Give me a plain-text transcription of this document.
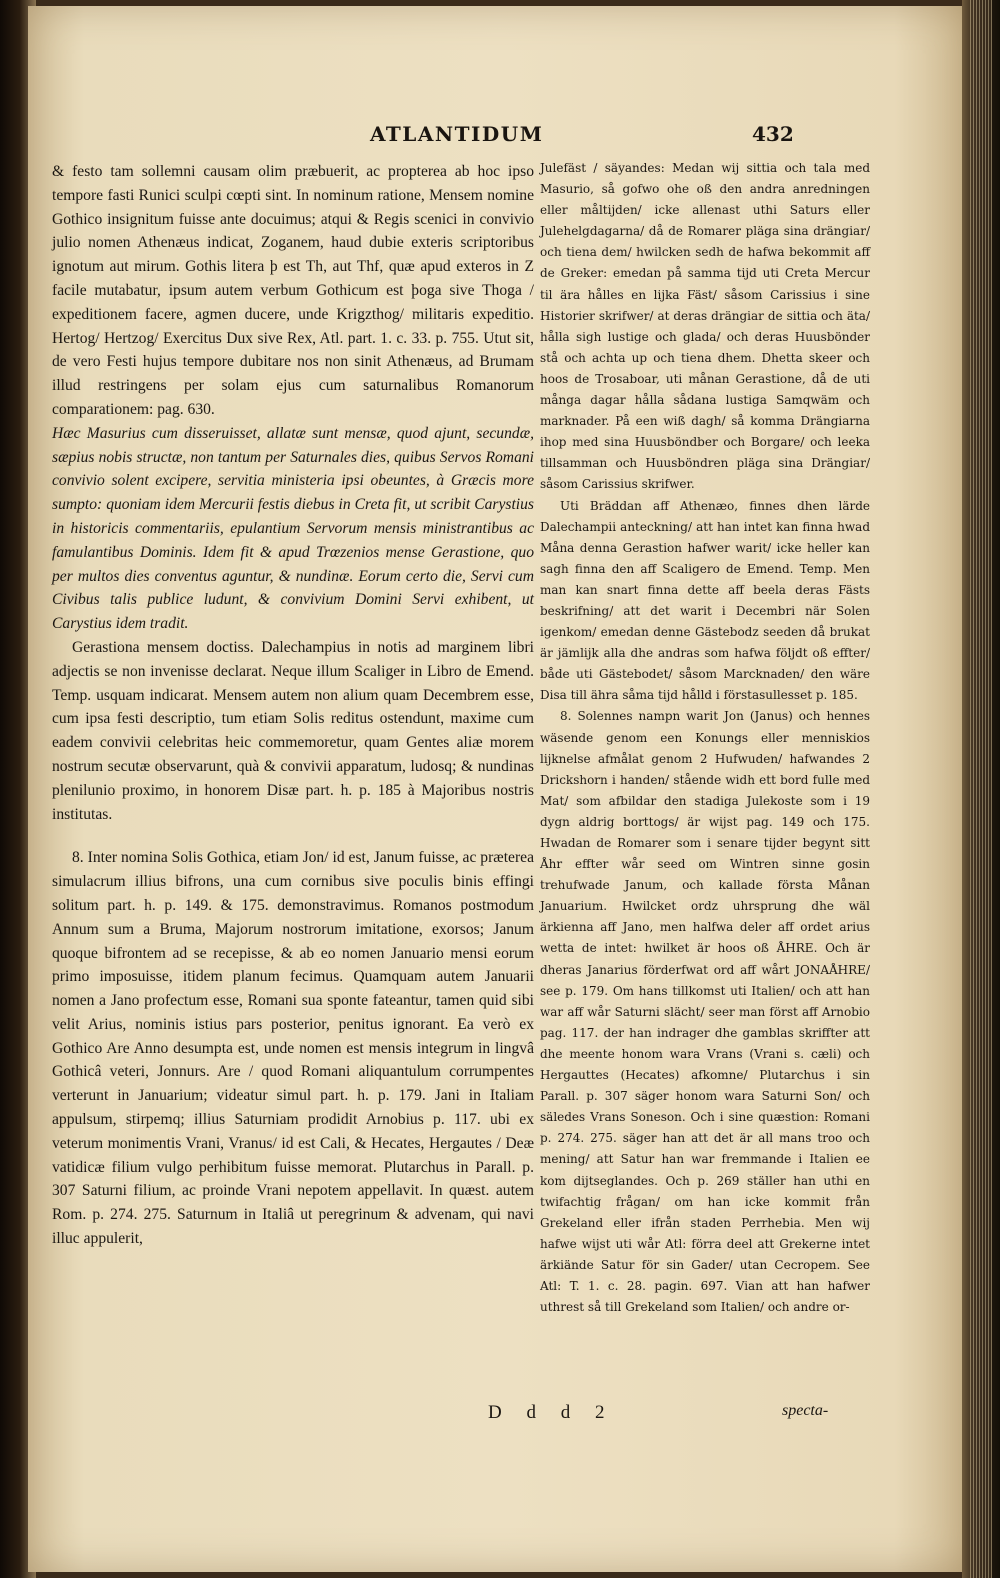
ATLANTIDUM	432

& festo tam sollemni causam olim præbuerit, ac propterea ab hoc ipso tempore fasti Runici sculpi cœpti sint. In nominum ratione, Mensem nomine Gothico insignitum fuisse ante docuimus; atqui & Regis scenici in convivio julio nomen Athenæus indicat, Zoganem, haud dubie exteris scriptoribus ignotum aut mirum. Gothis litera þ est Th, aut Thf, quæ apud exteros in Z facile mutabatur, ipsum autem verbum Gothicum est þoga sive Thoga / expeditionem facere, agmen ducere, unde Krigzthog/ militaris expeditio. Hertog/ Hertzog/ Exercitus Dux sive Rex, Atl. part. 1. c. 33. p. 755. Utut sit, de vero Festi hujus tempore dubitare nos non sinit Athenæus, ad Brumam illud restringens per solam ejus cum saturnalibus Romanorum comparationem: pag. 630.

Hæc Masurius cum disseruisset, allatæ sunt mensæ, quod ajunt, secundæ, sæpius nobis structæ, non tantum per Saturnales dies, quibus Servos Romani convivio solent excipere, servitia ministeria ipsi obeuntes, à Græcis more sumpto: quoniam idem Mercurii festis diebus in Creta fit, ut scribit Carystius in historicis commentariis, epulantium Servorum mensis ministrantibus ac famulantibus Dominis. Idem fit & apud Trœzenios mense Gerastione, quo per multos dies conventus aguntur, & nundinæ. Eorum certo die, Servi cum Civibus talis publice ludunt, & convivium Domini Servi exhibent, ut Carystius idem tradit.

Gerastiona mensem doctiss. Dalechampius in notis ad marginem libri adjectis se non invenisse declarat. Neque illum Scaliger in Libro de Emend. Temp. usquam indicarat. Mensem autem non alium quam Decembrem esse, cum ipsa festi descriptio, tum etiam Solis reditus ostendunt, maxime cum eadem convivii celebritas heic commemoretur, quam Gentes aliæ morem nostrum secutæ observarunt, quà & convivii apparatum, ludosq; & nundinas plenilunio proximo, in honorem Disæ part. h. p. 185 à Majoribus nostris institutas.

8. Inter nomina Solis Gothica, etiam Jon/ id est, Janum fuisse, ac præterea simulacrum illius bifrons, una cum cornibus sive poculis binis effingi solitum part. h. p. 149. & 175. demonstravimus. Romanos postmodum Annum sum a Bruma, Majorum nostrorum imitatione, exorsos; Janum quoque bifrontem ad se recepisse, & ab eo nomen Januario mensi eorum primo imposuisse, itidem planum fecimus. Quamquam autem Januarii nomen a Jano profectum esse, Romani sua sponte fateantur, tamen quid sibi velit Arius, nominis istius pars posterior, penitus ignorant. Ea verò ex Gothico Are Anno desumpta est, unde nomen est mensis integrum in lingvâ Gothicâ veteri, Jonnurs. Are / quod Romani aliquantulum corrumpentes verterunt in Januarium; videatur simul part. h. p. 179. Jani in Italiam appulsum, stirpemq; illius Saturniam prodidit Arnobius p. 117. ubi ex veterum monimentis Vrani, Vranus/ id est Cali, & Hecates, Hergautes / Deæ vatidicæ filium vulgo perhibitum fuisse memorat. Plutarchus in Parall. p. 307 Saturni filium, ac proinde Vrani nepotem appellavit. In quæst. autem Rom. p. 274. 275. Saturnum in Italiâ ut peregrinum & advenam, qui navi illuc appulerit,

Julefäst / säyandes: Medan wij sittia och tala med Masurio, så gofwo ohe oß den andra anredningen eller måltijden/ icke allenast uthi Saturs eller Julehelgdagarna/ då de Romarer pläga sina drängiar/ och tiena dem/ hwilcken sedh de hafwa bekommit aff de Greker: emedan på samma tijd uti Creta Mercur til ära hålles en lijka Fäst/ såsom Carissius i sine Historier skrifwer/ at deras drängiar de sittia och äta/ hålla sigh lustige och glada/ och deras Huusbönder stå och achta up och tiena dhem. Dhetta skeer och hoos de Trosaboar, uti månan Gerastione, då de uti många dagar hålla sådana lustiga Samqwäm och marknader. På een wiß dagh/ så komma Drängiarna ihop med sina Huusböndber och Borgare/ och leeka tillsamman och Huusböndren pläga sina Drängiar/ såsom Carissius skrifwer.

Uti Bräddan aff Athenæo, finnes dhen lärde Dalechampii anteckning/ att han intet kan finna hwad Måna denna Gerastion hafwer warit/ icke heller kan sagh finna den aff Scaligero de Emend. Temp. Men man kan snart finna dette aff beela deras Fästs beskrifning/ att det warit i Decembri när Solen igenkom/ emedan denne Gästebodz seeden då brukat är jämlijk alla dhe andras som hafwa följdt oß effter/ både uti Gästebodet/ såsom Marcknaden/ den wäre Disa till ähra såma tijd hålld i förstasullesset p. 185.

8. Solennes nampn warit Jon (Janus) och hennes wäsende genom een Konungs eller menniskios lijknelse afmålat genom 2 Hufwuden/ hafwandes 2 Drickshorn i handen/ stående widh ett bord fulle med Mat/ som afbildar den stadiga Julekoste som i 19 dygn aldrig borttogs/ är wijst pag. 149 och 175. Hwadan de Romarer som i senare tijder begynt sitt Åhr effter wår seed om Wintren sinne gosin trehufwade Janum, och kallade första Månan Januarium. Hwilcket ordz uhrsprung dhe wäl ärkienna aff Jano, men halfwa deler aff ordet arius wetta de intet: hwilket är hoos oß ÅHRE. Och är dheras Janarius förderfwat ord aff wårt JONAÅHRE/ see p. 179. Om hans tillkomst uti Italien/ och att han war aff wår Saturni slächt/ seer man först aff Arnobio pag. 117. der han indrager dhe gamblas skriffter att dhe meente honom wara Vrans (Vrani s. cæli) och Hergauttes (Hecates) afkomne/ Plutarchus i sin Parall. p. 307 säger honom wara Saturni Son/ och säledes Vrans Soneson. Och i sine quæstion: Romani p. 274. 275. säger han att det är all mans troo och mening/ att Satur han war fremmande i Italien ee kom dijtseglandes. Och p. 269 ställer han uthi en twifachtig frågan/ om han icke kommit från Grekeland eller ifrån staden Perrhebia. Men wij hafwe wijst uti wår Atl: förra deel att Grekerne intet ärkiände Satur för sin Gader/ utan Cecropem. See Atl: T. 1. c. 28. pagin. 697. Vian att han hafwer uthrest så till Grekeland som Italien/ och andre or-

D d d 2	specta-
